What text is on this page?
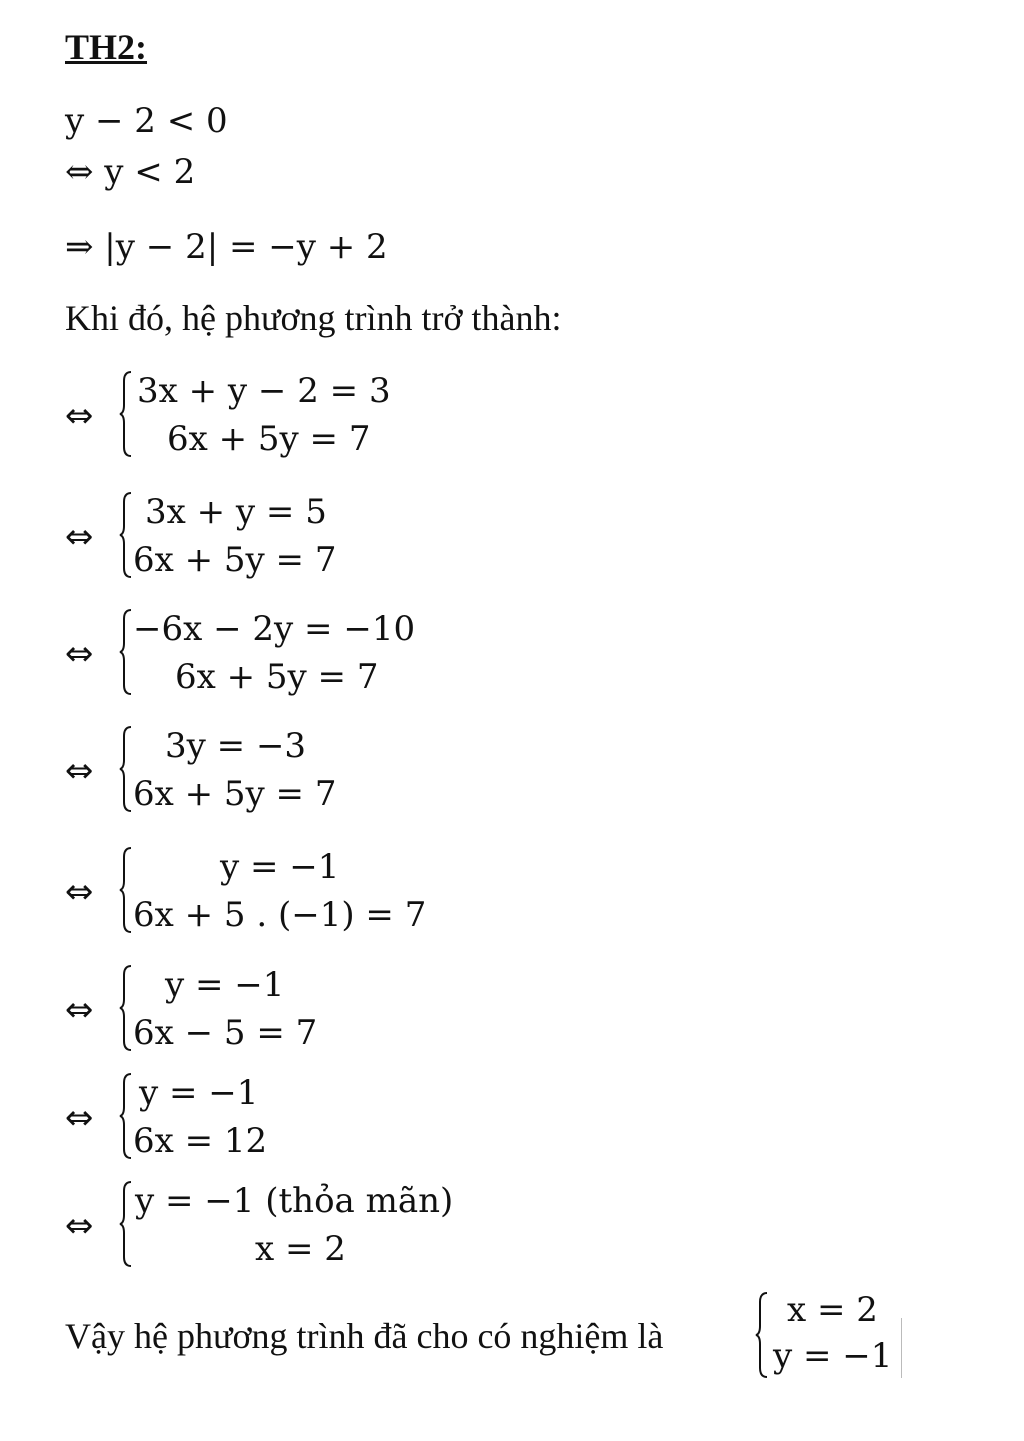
TH2:
y − 2 < 0
⇔ y < 2
⇒ |y − 2| = −y + 2
Khi đó, hệ phương trình trở thành:
⇔
3x + y − 2 = 3
6x + 5y = 7
⇔
3x + y = 5
6x + 5y = 7
⇔
−6x − 2y = −10
6x + 5y = 7
⇔
3y = −3
6x + 5y = 7
⇔
y = −1
6x + 5 . (−1) = 7
⇔
y = −1
6x − 5 = 7
⇔
y = −1
6x = 12
⇔
y = −1 (thỏa mãn)
x = 2
Vậy hệ phương trình đã cho có nghiệm là
x = 2
y = −1
